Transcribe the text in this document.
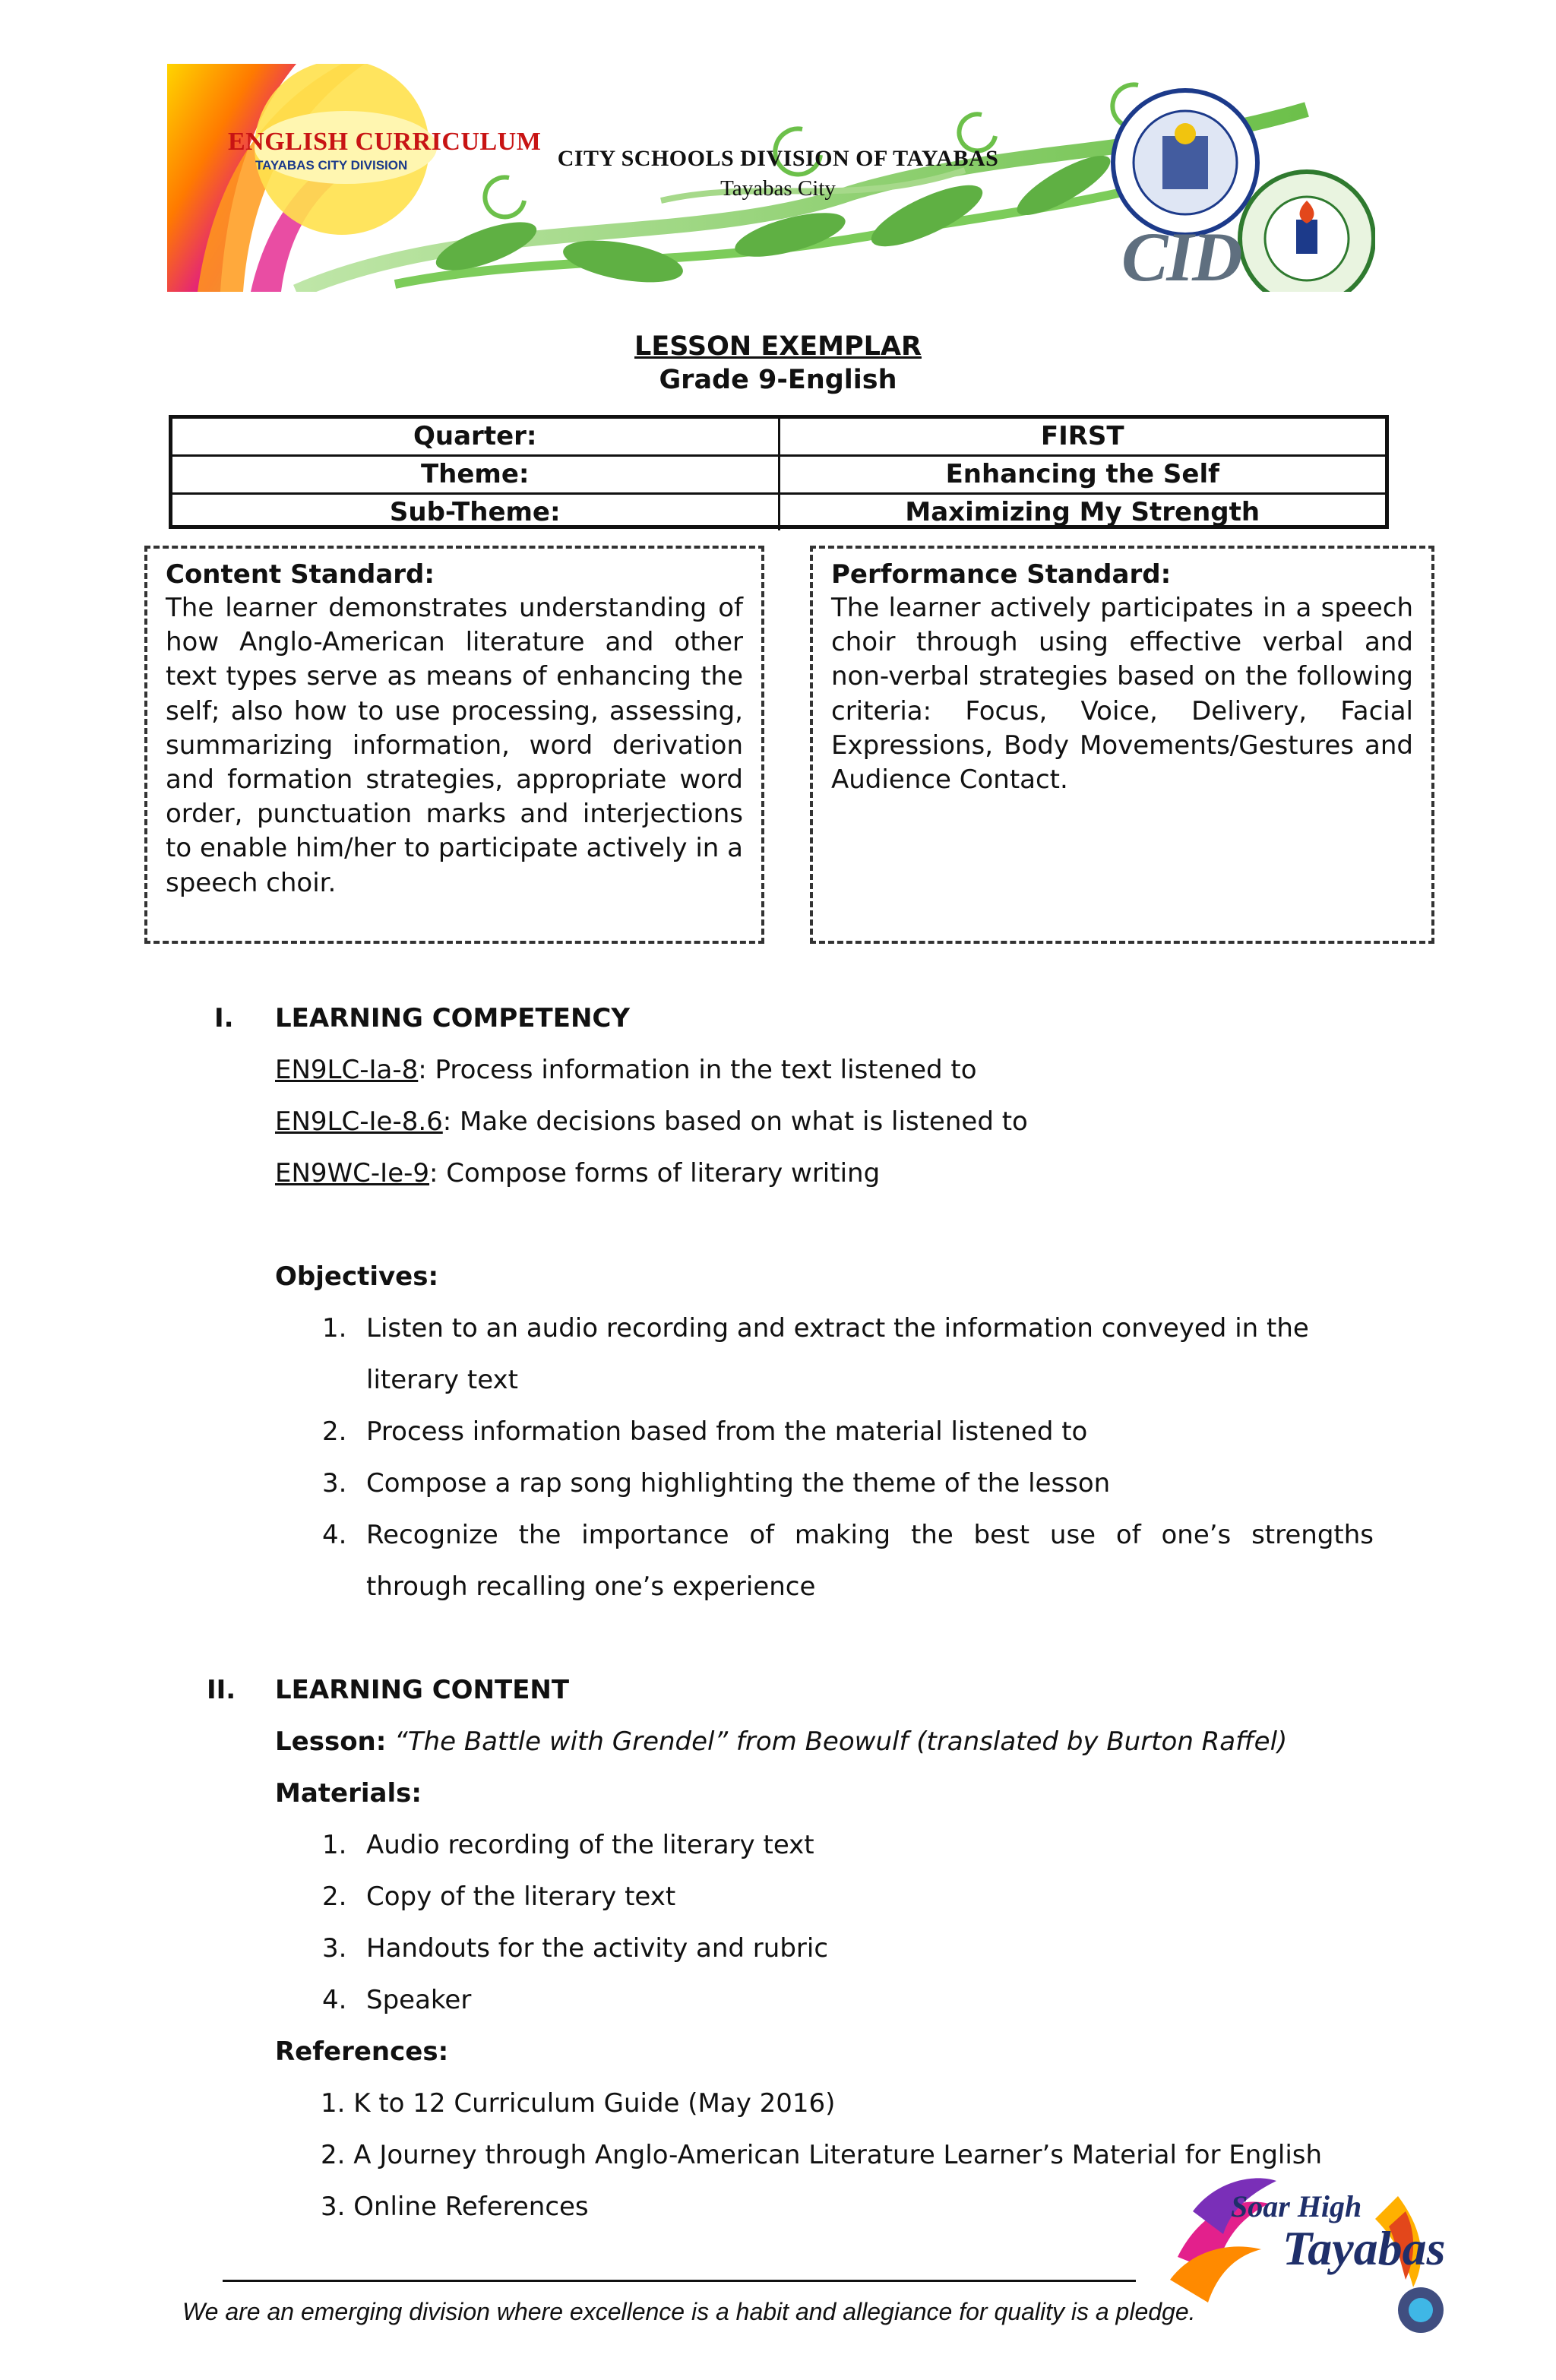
ENGLISH CURRICULUM
TAYABAS CITY DIVISION	CITY SCHOOLS DIVISION OF TAYABAS
Tayabas City
CID
LESSON EXEMPLAR
Grade 9-English
Quarter:	FIRST
Theme:	Enhancing the Self
Sub-Theme:	Maximizing My Strength
Content Standard:
The learner demonstrates understanding of how Anglo-American literature and other text types serve as means of enhancing the self; also how to use processing, assessing, summarizing information, word derivation and formation strategies, appropriate word order, punctuation marks and interjections to enable him/her to participate actively in a speech choir.
Performance Standard:
The learner actively participates in a speech choir through using effective verbal and non-verbal strategies based on the following criteria: Focus, Voice, Delivery, Facial Expressions, Body Movements/Gestures and Audience Contact.
I. LEARNING COMPETENCY
EN9LC-Ia-8: Process information in the text listened to
EN9LC-Ie-8.6: Make decisions based on what is listened to
EN9WC-Ie-9: Compose forms of literary writing
Objectives:
1. Listen to an audio recording and extract the information conveyed in the
literary text
2. Process information based from the material listened to
3. Compose a rap song highlighting the theme of the lesson
4. Recognize the importance of making the best use of one’s strengths
through recalling one’s experience
II. LEARNING CONTENT
Lesson: “The Battle with Grendel” from Beowulf (translated by Burton Raffel)
Materials:
1. Audio recording of the literary text
2. Copy of the literary text
3. Handouts for the activity and rubric
4. Speaker
References:
1. K to 12 Curriculum Guide (May 2016)
2. A Journey through Anglo-American Literature Learner’s Material for English
3. Online References	Soar High
Tayabas
We are an emerging division where excellence is a habit and allegiance for quality is a pledge.
